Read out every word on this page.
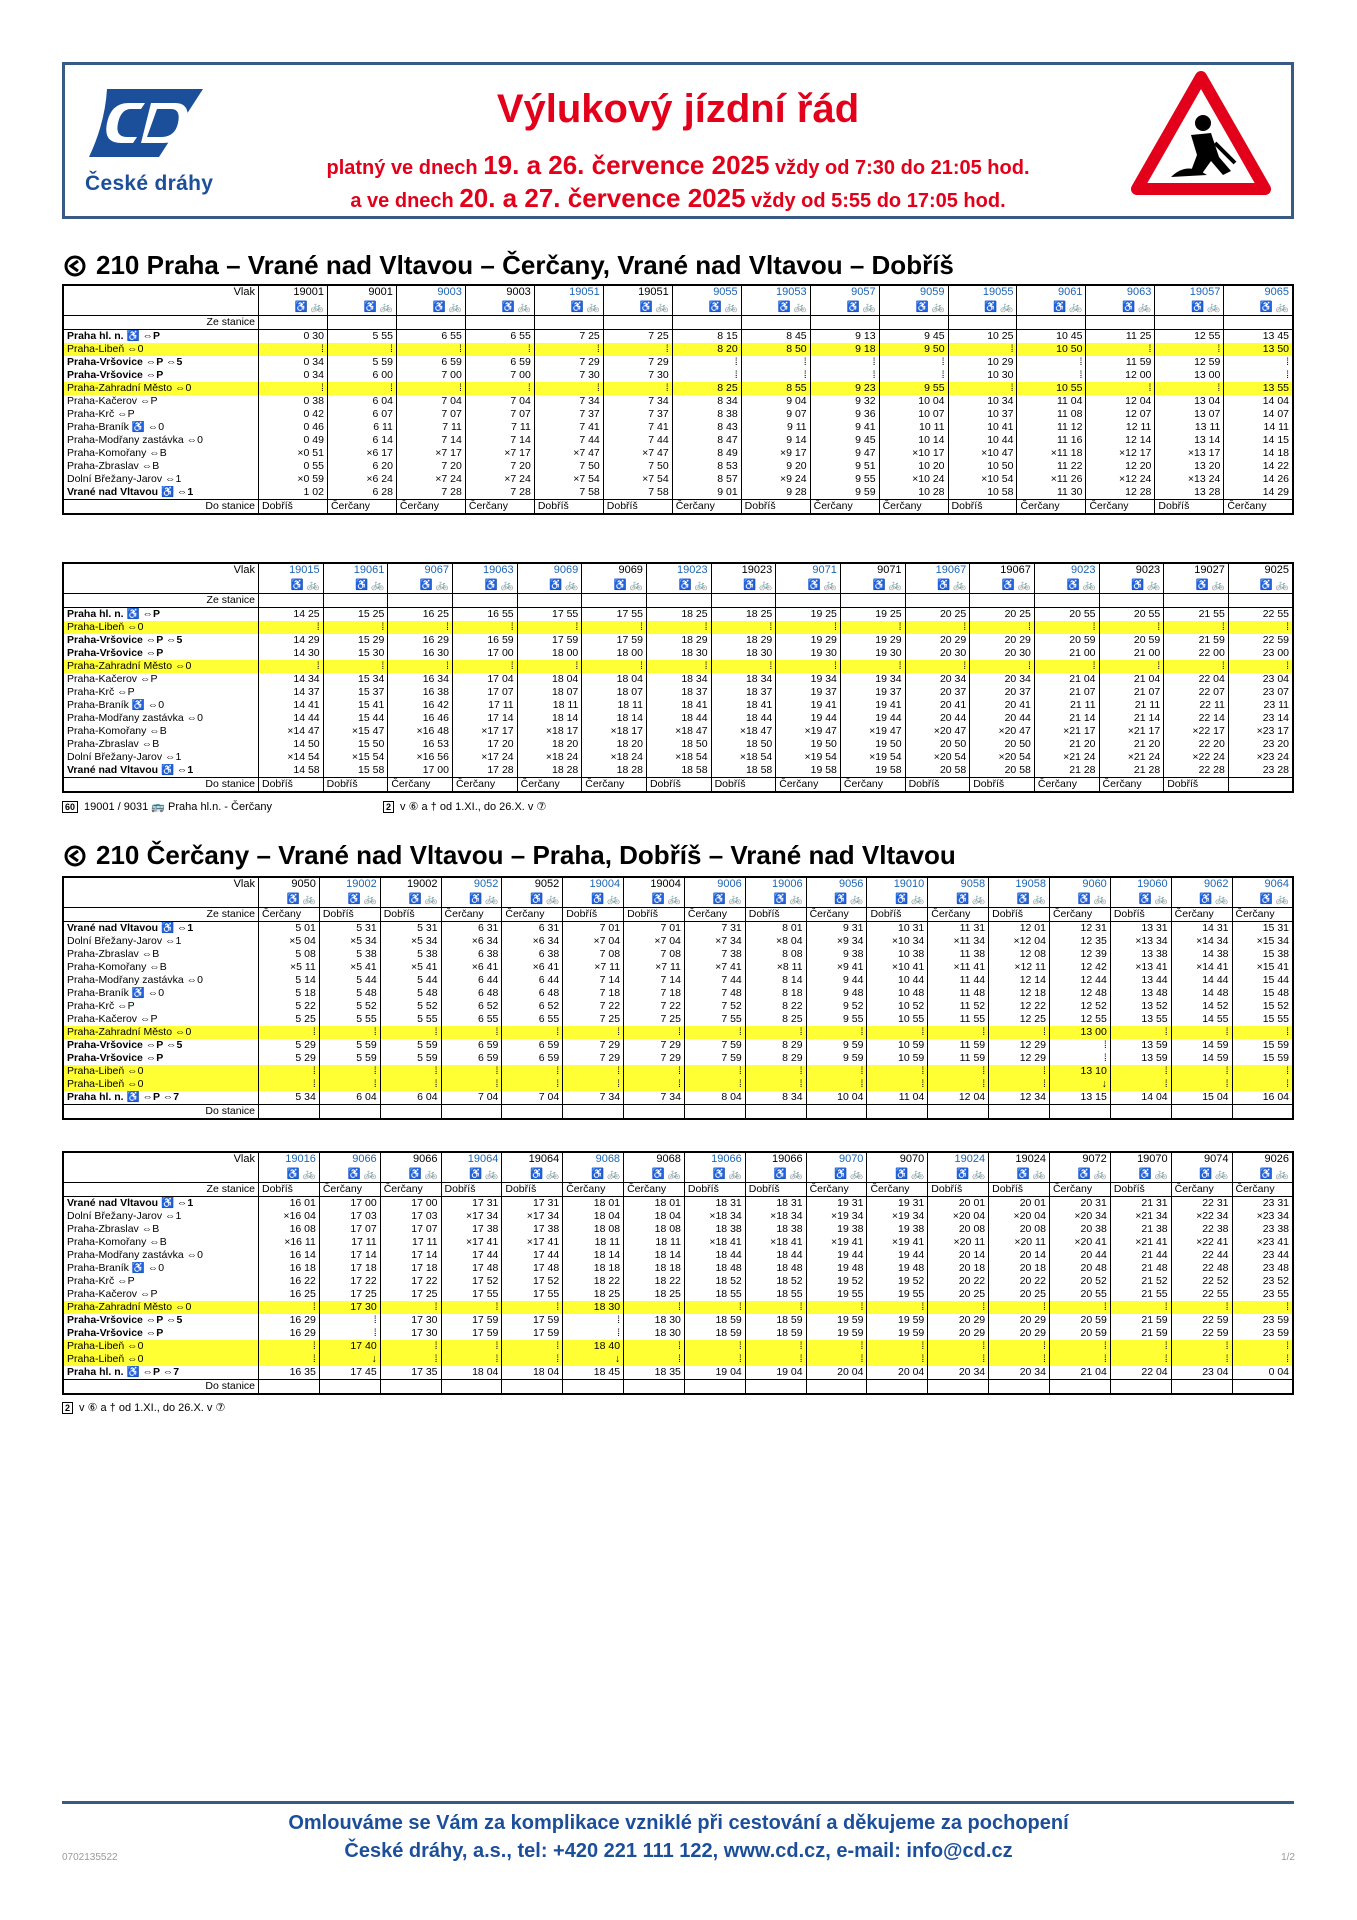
České dráhy
Výlukový jízdní řád
platný ve dnech 19. a 26. července 2025 vždy od 7:30 do 21:05 hod.
a ve dnech 20. a 27. července 2025 vždy od 5:55 do 17:05 hod.
210 Praha – Vrané nad Vltavou – Čerčany, Vrané nad Vltavou – Dobříš
Vlak	19001	9001	9003	9003	19051	19051	9055	19053	9057	9059	19055	9061	9063	19057	9065
	♿ 🚲	♿ 🚲	♿ 🚲	♿ 🚲	♿ 🚲	♿ 🚲	♿ 🚲	♿ 🚲	♿ 🚲	♿ 🚲	♿ 🚲	♿ 🚲	♿ 🚲	♿ 🚲	♿ 🚲
Ze stanice															
Praha hl. n. ♿ ⇔P	0 30	5 55	6 55	6 55	7 25	7 25	8 15	8 45	9 13	9 45	10 25	10 45	11 25	12 55	13 45
Praha-Libeň ⇔0	⁞	⁞	⁞	⁞	⁞	⁞	8 20	8 50	9 18	9 50	⁞	10 50	⁞	⁞	13 50
Praha-Vršovice ⇔P ⇔5	0 34	5 59	6 59	6 59	7 29	7 29	⁞	⁞	⁞	⁞	10 29	⁞	11 59	12 59	⁞
Praha-Vršovice ⇔P	0 34	6 00	7 00	7 00	7 30	7 30	⁞	⁞	⁞	⁞	10 30	⁞	12 00	13 00	⁞
Praha-Zahradní Město ⇔0	⁞	⁞	⁞	⁞	⁞	⁞	8 25	8 55	9 23	9 55	⁞	10 55	⁞	⁞	13 55
Praha-Kačerov ⇔P	0 38	6 04	7 04	7 04	7 34	7 34	8 34	9 04	9 32	10 04	10 34	11 04	12 04	13 04	14 04
Praha-Krč ⇔P	0 42	6 07	7 07	7 07	7 37	7 37	8 38	9 07	9 36	10 07	10 37	11 08	12 07	13 07	14 07
Praha-Braník ♿ ⇔0	0 46	6 11	7 11	7 11	7 41	7 41	8 43	9 11	9 41	10 11	10 41	11 12	12 11	13 11	14 11
Praha-Modřany zastávka ⇔0	0 49	6 14	7 14	7 14	7 44	7 44	8 47	9 14	9 45	10 14	10 44	11 16	12 14	13 14	14 15
Praha-Komořany ⇔B	×0 51	×6 17	×7 17	×7 17	×7 47	×7 47	8 49	×9 17	9 47	×10 17	×10 47	×11 18	×12 17	×13 17	14 18
Praha-Zbraslav ⇔B	0 55	6 20	7 20	7 20	7 50	7 50	8 53	9 20	9 51	10 20	10 50	11 22	12 20	13 20	14 22
Dolní Břežany-Jarov ⇔1	×0 59	×6 24	×7 24	×7 24	×7 54	×7 54	8 57	×9 24	9 55	×10 24	×10 54	×11 26	×12 24	×13 24	14 26
Vrané nad Vltavou ♿ ⇔1	1 02	6 28	7 28	7 28	7 58	7 58	9 01	9 28	9 59	10 28	10 58	11 30	12 28	13 28	14 29
Do stanice	Dobříš	Čerčany	Čerčany	Čerčany	Dobříš	Dobříš	Čerčany	Dobříš	Čerčany	Čerčany	Dobříš	Čerčany	Čerčany	Dobříš	Čerčany
Vlak	19015	19061	9067	19063	9069	9069	19023	19023	9071	9071	19067	19067	9023	9023	19027	9025
	♿ 🚲	♿ 🚲	♿ 🚲	♿ 🚲	♿ 🚲	♿ 🚲	♿ 🚲	♿ 🚲	♿ 🚲	♿ 🚲	♿ 🚲	♿ 🚲	♿ 🚲	♿ 🚲	♿ 🚲	♿ 🚲
Ze stanice																
Praha hl. n. ♿ ⇔P	14 25	15 25	16 25	16 55	17 55	17 55	18 25	18 25	19 25	19 25	20 25	20 25	20 55	20 55	21 55	22 55
Praha-Libeň ⇔0	⁞	⁞	⁞	⁞	⁞	⁞	⁞	⁞	⁞	⁞	⁞	⁞	⁞	⁞	⁞	⁞
Praha-Vršovice ⇔P ⇔5	14 29	15 29	16 29	16 59	17 59	17 59	18 29	18 29	19 29	19 29	20 29	20 29	20 59	20 59	21 59	22 59
Praha-Vršovice ⇔P	14 30	15 30	16 30	17 00	18 00	18 00	18 30	18 30	19 30	19 30	20 30	20 30	21 00	21 00	22 00	23 00
Praha-Zahradní Město ⇔0	⁞	⁞	⁞	⁞	⁞	⁞	⁞	⁞	⁞	⁞	⁞	⁞	⁞	⁞	⁞	⁞
Praha-Kačerov ⇔P	14 34	15 34	16 34	17 04	18 04	18 04	18 34	18 34	19 34	19 34	20 34	20 34	21 04	21 04	22 04	23 04
Praha-Krč ⇔P	14 37	15 37	16 38	17 07	18 07	18 07	18 37	18 37	19 37	19 37	20 37	20 37	21 07	21 07	22 07	23 07
Praha-Braník ♿ ⇔0	14 41	15 41	16 42	17 11	18 11	18 11	18 41	18 41	19 41	19 41	20 41	20 41	21 11	21 11	22 11	23 11
Praha-Modřany zastávka ⇔0	14 44	15 44	16 46	17 14	18 14	18 14	18 44	18 44	19 44	19 44	20 44	20 44	21 14	21 14	22 14	23 14
Praha-Komořany ⇔B	×14 47	×15 47	×16 48	×17 17	×18 17	×18 17	×18 47	×18 47	×19 47	×19 47	×20 47	×20 47	×21 17	×21 17	×22 17	×23 17
Praha-Zbraslav ⇔B	14 50	15 50	16 53	17 20	18 20	18 20	18 50	18 50	19 50	19 50	20 50	20 50	21 20	21 20	22 20	23 20
Dolní Břežany-Jarov ⇔1	×14 54	×15 54	×16 56	×17 24	×18 24	×18 24	×18 54	×18 54	×19 54	×19 54	×20 54	×20 54	×21 24	×21 24	×22 24	×23 24
Vrané nad Vltavou ♿ ⇔1	14 58	15 58	17 00	17 28	18 28	18 28	18 58	18 58	19 58	19 58	20 58	20 58	21 28	21 28	22 28	23 28
Do stanice	Dobříš	Dobříš	Čerčany	Čerčany	Čerčany	Čerčany	Dobříš	Dobříš	Čerčany	Čerčany	Dobříš	Dobříš	Čerčany	Čerčany	Dobříš	
60 19001 / 9031 🚌 Praha hl.n. - Čerčany	2 v ⑥ a † od 1.XI., do 26.X. v ⑦
210 Čerčany – Vrané nad Vltavou – Praha, Dobříš – Vrané nad Vltavou
Vlak	9050	19002	19002	9052	9052	19004	19004	9006	19006	9056	19010	9058	19058	9060	19060	9062	9064
	♿ 🚲	♿ 🚲	♿ 🚲	♿ 🚲	♿ 🚲	♿ 🚲	♿ 🚲	♿ 🚲	♿ 🚲	♿ 🚲	♿ 🚲	♿ 🚲	♿ 🚲	♿ 🚲	♿ 🚲	♿ 🚲	♿ 🚲
Ze stanice	Čerčany	Dobříš	Dobříš	Čerčany	Čerčany	Dobříš	Dobříš	Čerčany	Dobříš	Čerčany	Dobříš	Čerčany	Dobříš	Čerčany	Dobříš	Čerčany	Čerčany
Vrané nad Vltavou ♿ ⇔1	5 01	5 31	5 31	6 31	6 31	7 01	7 01	7 31	8 01	9 31	10 31	11 31	12 01	12 31	13 31	14 31	15 31
Dolní Břežany-Jarov ⇔1	×5 04	×5 34	×5 34	×6 34	×6 34	×7 04	×7 04	×7 34	×8 04	×9 34	×10 34	×11 34	×12 04	12 35	×13 34	×14 34	×15 34
Praha-Zbraslav ⇔B	5 08	5 38	5 38	6 38	6 38	7 08	7 08	7 38	8 08	9 38	10 38	11 38	12 08	12 39	13 38	14 38	15 38
Praha-Komořany ⇔B	×5 11	×5 41	×5 41	×6 41	×6 41	×7 11	×7 11	×7 41	×8 11	×9 41	×10 41	×11 41	×12 11	12 42	×13 41	×14 41	×15 41
Praha-Modřany zastávka ⇔0	5 14	5 44	5 44	6 44	6 44	7 14	7 14	7 44	8 14	9 44	10 44	11 44	12 14	12 44	13 44	14 44	15 44
Praha-Braník ♿ ⇔0	5 18	5 48	5 48	6 48	6 48	7 18	7 18	7 48	8 18	9 48	10 48	11 48	12 18	12 48	13 48	14 48	15 48
Praha-Krč ⇔P	5 22	5 52	5 52	6 52	6 52	7 22	7 22	7 52	8 22	9 52	10 52	11 52	12 22	12 52	13 52	14 52	15 52
Praha-Kačerov ⇔P	5 25	5 55	5 55	6 55	6 55	7 25	7 25	7 55	8 25	9 55	10 55	11 55	12 25	12 55	13 55	14 55	15 55
Praha-Zahradní Město ⇔0	⁞	⁞	⁞	⁞	⁞	⁞	⁞	⁞	⁞	⁞	⁞	⁞	⁞	13 00	⁞	⁞	⁞
Praha-Vršovice ⇔P ⇔5	5 29	5 59	5 59	6 59	6 59	7 29	7 29	7 59	8 29	9 59	10 59	11 59	12 29	⁞	13 59	14 59	15 59
Praha-Vršovice ⇔P	5 29	5 59	5 59	6 59	6 59	7 29	7 29	7 59	8 29	9 59	10 59	11 59	12 29	⁞	13 59	14 59	15 59
Praha-Libeň ⇔0	⁞	⁞	⁞	⁞	⁞	⁞	⁞	⁞	⁞	⁞	⁞	⁞	⁞	13 10	⁞	⁞	⁞
Praha-Libeň ⇔0	⁞	⁞	⁞	⁞	⁞	⁞	⁞	⁞	⁞	⁞	⁞	⁞	⁞	↓	⁞	⁞	⁞
Praha hl. n. ♿ ⇔P ⇔7	5 34	6 04	6 04	7 04	7 04	7 34	7 34	8 04	8 34	10 04	11 04	12 04	12 34	13 15	14 04	15 04	16 04
Do stanice																	
Vlak	19016	9066	9066	19064	19064	9068	9068	19066	19066	9070	9070	19024	19024	9072	19070	9074	9026
	♿ 🚲	♿ 🚲	♿ 🚲	♿ 🚲	♿ 🚲	♿ 🚲	♿ 🚲	♿ 🚲	♿ 🚲	♿ 🚲	♿ 🚲	♿ 🚲	♿ 🚲	♿ 🚲	♿ 🚲	♿ 🚲	♿ 🚲
Ze stanice	Dobříš	Čerčany	Čerčany	Dobříš	Dobříš	Čerčany	Čerčany	Dobříš	Dobříš	Čerčany	Čerčany	Dobříš	Dobříš	Čerčany	Dobříš	Čerčany	Čerčany
Vrané nad Vltavou ♿ ⇔1	16 01	17 00	17 00	17 31	17 31	18 01	18 01	18 31	18 31	19 31	19 31	20 01	20 01	20 31	21 31	22 31	23 31
Dolní Břežany-Jarov ⇔1	×16 04	17 03	17 03	×17 34	×17 34	18 04	18 04	×18 34	×18 34	×19 34	×19 34	×20 04	×20 04	×20 34	×21 34	×22 34	×23 34
Praha-Zbraslav ⇔B	16 08	17 07	17 07	17 38	17 38	18 08	18 08	18 38	18 38	19 38	19 38	20 08	20 08	20 38	21 38	22 38	23 38
Praha-Komořany ⇔B	×16 11	17 11	17 11	×17 41	×17 41	18 11	18 11	×18 41	×18 41	×19 41	×19 41	×20 11	×20 11	×20 41	×21 41	×22 41	×23 41
Praha-Modřany zastávka ⇔0	16 14	17 14	17 14	17 44	17 44	18 14	18 14	18 44	18 44	19 44	19 44	20 14	20 14	20 44	21 44	22 44	23 44
Praha-Braník ♿ ⇔0	16 18	17 18	17 18	17 48	17 48	18 18	18 18	18 48	18 48	19 48	19 48	20 18	20 18	20 48	21 48	22 48	23 48
Praha-Krč ⇔P	16 22	17 22	17 22	17 52	17 52	18 22	18 22	18 52	18 52	19 52	19 52	20 22	20 22	20 52	21 52	22 52	23 52
Praha-Kačerov ⇔P	16 25	17 25	17 25	17 55	17 55	18 25	18 25	18 55	18 55	19 55	19 55	20 25	20 25	20 55	21 55	22 55	23 55
Praha-Zahradní Město ⇔0	⁞	17 30	⁞	⁞	⁞	18 30	⁞	⁞	⁞	⁞	⁞	⁞	⁞	⁞	⁞	⁞	⁞
Praha-Vršovice ⇔P ⇔5	16 29	⁞	17 30	17 59	17 59	⁞	18 30	18 59	18 59	19 59	19 59	20 29	20 29	20 59	21 59	22 59	23 59
Praha-Vršovice ⇔P	16 29	⁞	17 30	17 59	17 59	⁞	18 30	18 59	18 59	19 59	19 59	20 29	20 29	20 59	21 59	22 59	23 59
Praha-Libeň ⇔0	⁞	17 40	⁞	⁞	⁞	18 40	⁞	⁞	⁞	⁞	⁞	⁞	⁞	⁞	⁞	⁞	⁞
Praha-Libeň ⇔0	⁞	↓	⁞	⁞	⁞	↓	⁞	⁞	⁞	⁞	⁞	⁞	⁞	⁞	⁞	⁞	⁞
Praha hl. n. ♿ ⇔P ⇔7	16 35	17 45	17 35	18 04	18 04	18 45	18 35	19 04	19 04	20 04	20 04	20 34	20 34	21 04	22 04	23 04	0 04
Do stanice																	
2 v ⑥ a † od 1.XI., do 26.X. v ⑦
Omlouváme se Vám za komplikace vzniklé při cestování a děkujeme za pochopení
České dráhy, a.s., tel: +420 221 111 122, www.cd.cz, e-mail: info@cd.cz
0702135522	1/2
